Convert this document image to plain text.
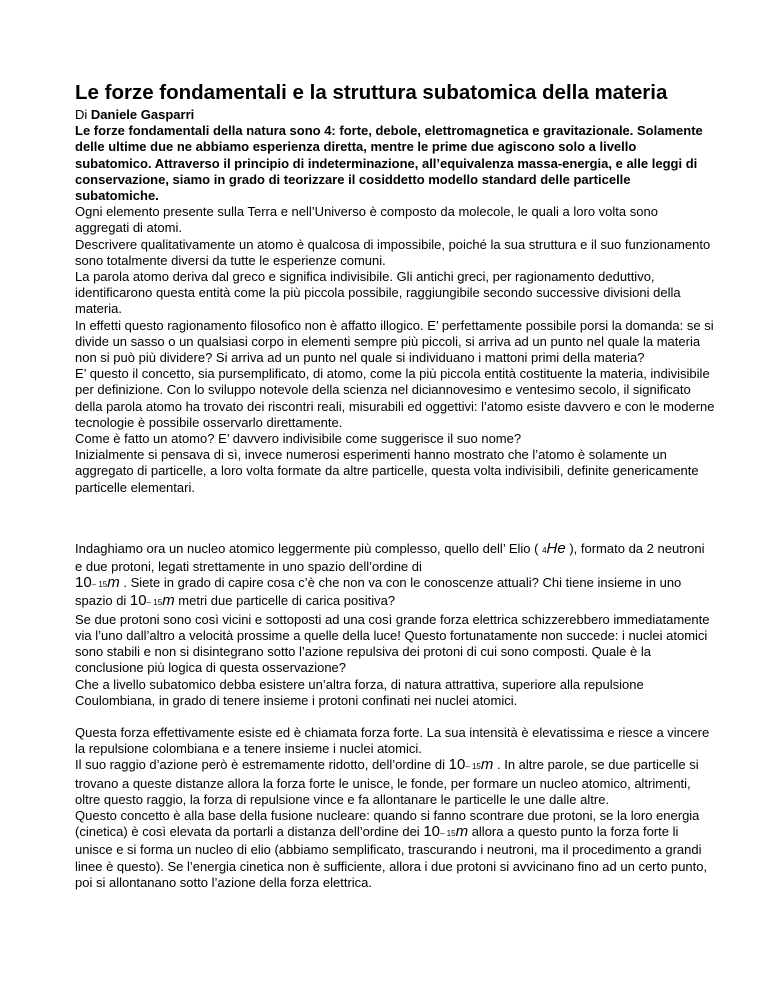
Le forze fondamentali e la struttura subatomica della materia

Di Daniele Gasparri

Le forze fondamentali della natura sono 4: forte, debole, elettromagnetica e gravitazionale. Solamente delle ultime due ne abbiamo esperienza diretta, mentre le prime due agiscono solo a livello subatomico. Attraverso il principio di indeterminazione, all’equivalenza massa-energia, e alle leggi di conservazione, siamo in grado di teorizzare il cosiddetto modello standard delle particelle subatomiche.

Ogni elemento presente sulla Terra e nell’Universo è composto da molecole, le quali a loro volta sono aggregati di atomi.

Descrivere qualitativamente un atomo è qualcosa di impossibile, poiché la sua struttura e il suo funzionamento sono totalmente diversi da tutte le esperienze comuni.

La parola atomo deriva dal greco e significa indivisibile. Gli antichi greci, per ragionamento deduttivo, identificarono questa entità come la più piccola possibile, raggiungibile secondo successive divisioni della materia.

In effetti questo ragionamento filosofico non è affatto illogico. E’ perfettamente possibile porsi la domanda: se si divide un sasso o un qualsiasi corpo in elementi sempre più piccoli, si arriva ad un punto nel quale la materia non si può più dividere? Si arriva ad un punto nel quale si individuano i mattoni primi della materia?

E’ questo il concetto, sia pursemplificato, di atomo, come la più piccola entità costituente la materia, indivisibile per definizione. Con lo sviluppo notevole della scienza nel diciannovesimo e ventesimo secolo, il significato della parola atomo ha trovato dei riscontri reali, misurabili ed oggettivi: l’atomo esiste davvero e con le moderne tecnologie è possibile osservarlo direttamente.

Come è fatto un atomo? E’ davvero indivisibile come suggerisce il suo nome?

Inizialmente si pensava di sì, invece numerosi esperimenti hanno mostrato che l’atomo è solamente un aggregato di particelle, a loro volta formate da altre particelle, questa volta indivisibili, definite genericamente particelle elementari.

Indaghiamo ora un nucleo atomico leggermente più complesso, quello dell’ Elio ( 4He ), formato da 2 neutroni e due protoni, legati strettamente in uno spazio dell’ordine di
10– 15m . Siete in grado di capire cosa c’è che non va con le conoscenze attuali? Chi tiene insieme in uno spazio di 10– 15m metri due particelle di carica positiva?

Se due protoni sono così vicini e sottoposti ad una così grande forza elettrica schizzerebbero immediatamente via l’uno dall’altro a velocità prossime a quelle della luce! Questo fortunatamente non succede: i nuclei atomici sono stabili e non si disintegrano sotto l’azione repulsiva dei protoni di cui sono composti. Quale è la conclusione più logica di questa osservazione?

Che a livello subatomico debba esistere un’altra forza, di natura attrattiva, superiore alla repulsione Coulombiana, in grado di tenere insieme i protoni confinati nei nuclei atomici.

Questa forza effettivamente esiste ed è chiamata forza forte. La sua intensità è elevatissima e riesce a vincere la repulsione colombiana e a tenere insieme i nuclei atomici.

Il suo raggio d’azione però è estremamente ridotto, dell’ordine di 10– 15m . In altre parole, se due particelle si trovano a queste distanze allora la forza forte le unisce, le fonde, per formare un nucleo atomico, altrimenti, oltre questo raggio, la forza di repulsione vince e fa allontanare le particelle le une dalle altre.

Questo concetto è alla base della fusione nucleare: quando si fanno scontrare due protoni, se la loro energia (cinetica) è così elevata da portarli a distanza dell’ordine dei 10– 15m allora a questo punto la forza forte li unisce e si forma un nucleo di elio (abbiamo semplificato, trascurando i neutroni, ma il procedimento a grandi linee è questo). Se l’energia cinetica non è sufficiente, allora i due protoni si avvicinano fino ad un certo punto, poi si allontanano sotto l’azione della forza elettrica.
